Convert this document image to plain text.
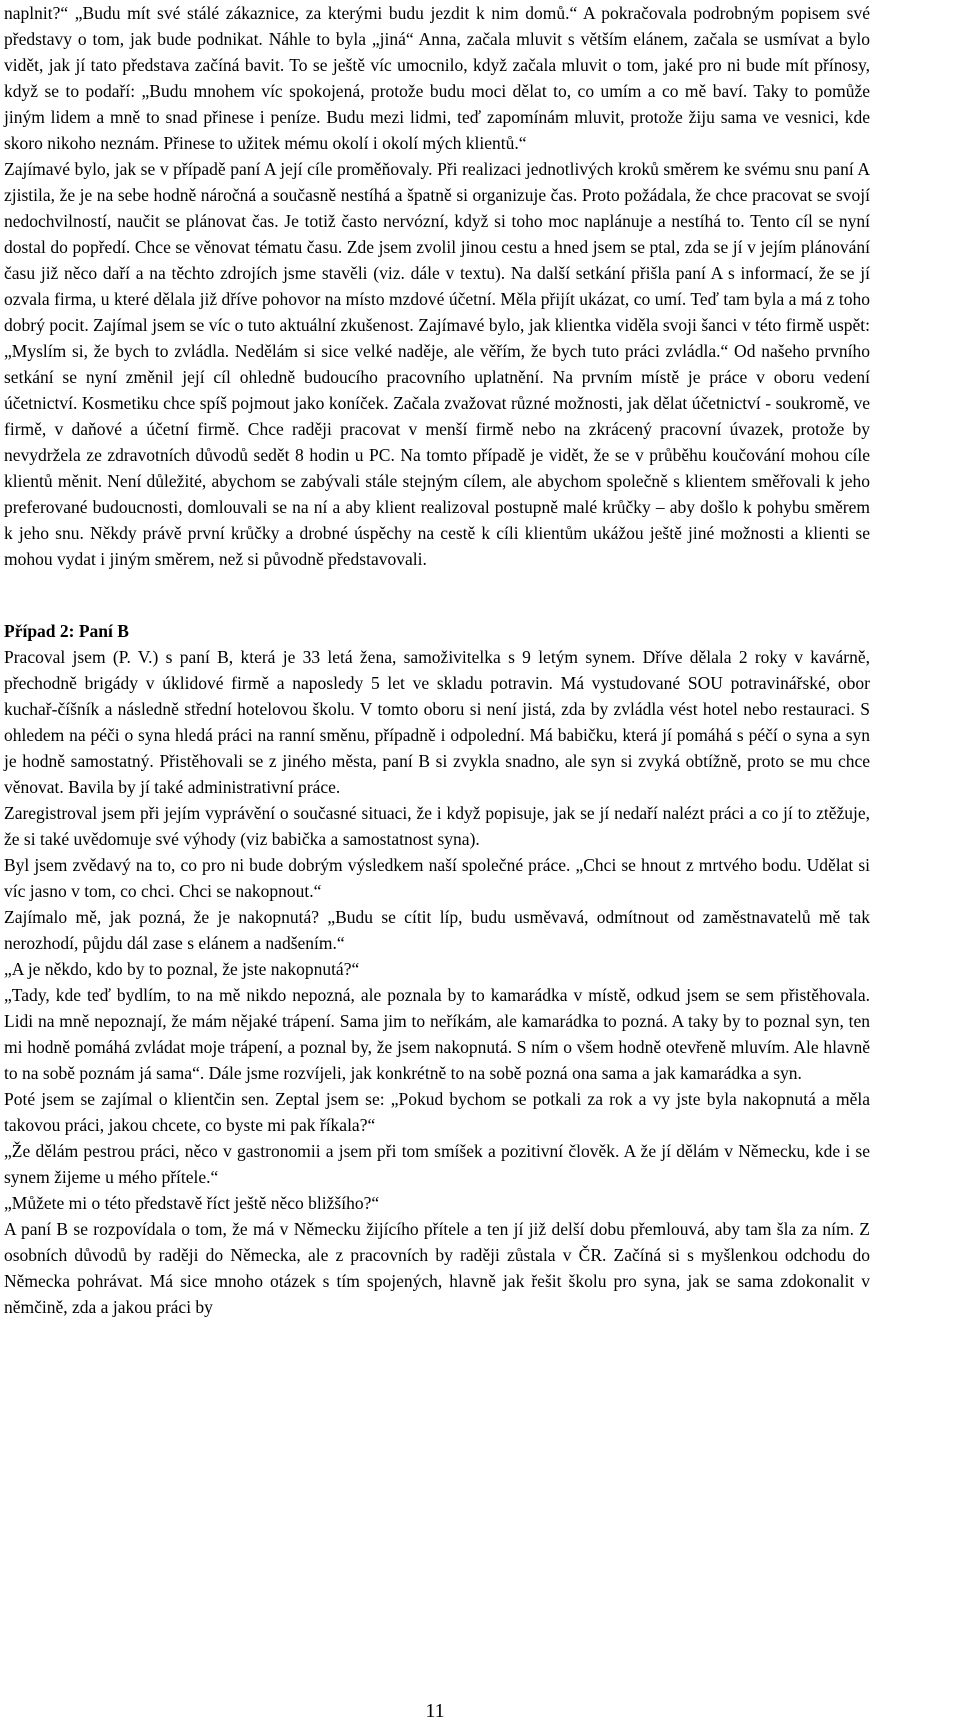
naplnit?“ „Budu mít své stálé zákaznice, za kterými budu jezdit k nim domů.“ A pokračovala podrobným popisem své představy o tom, jak bude podnikat. Náhle to byla „jiná“ Anna, začala mluvit s větším elánem, začala se usmívat a bylo vidět, jak jí tato představa začíná bavit. To se ještě víc umocnilo, když začala mluvit o tom, jaké pro ni bude mít přínosy, když se to podaří: „Budu mnohem víc spokojená, protože budu moci dělat to, co umím a co mě baví. Taky to pomůže jiným lidem a mně to snad přinese i peníze. Budu mezi lidmi, teď zapomínám mluvit, protože žiju sama ve vesnici, kde skoro nikoho neznám. Přinese to užitek mému okolí i okolí mých klientů.“

Zajímavé bylo, jak se v případě paní A její cíle proměňovaly. Při realizaci jednotlivých kroků směrem ke svému snu paní A zjistila, že je na sebe hodně náročná a současně nestíhá a špatně si organizuje čas. Proto požádala, že chce pracovat se svojí nedochvilností, naučit se plánovat čas. Je totiž často nervózní, když si toho moc naplánuje a nestíhá to. Tento cíl se nyní dostal do popředí. Chce se věnovat tématu času. Zde jsem zvolil jinou cestu a hned jsem se ptal, zda se jí v jejím plánování času již něco daří a na těchto zdrojích jsme stavěli (viz. dále v textu). Na další setkání přišla paní A s informací, že se jí ozvala firma, u které dělala již dříve pohovor na místo mzdové účetní. Měla přijít ukázat, co umí. Teď tam byla a má z toho dobrý pocit. Zajímal jsem se víc o tuto aktuální zkušenost. Zajímavé bylo, jak klientka viděla svoji šanci v této firmě uspět: „Myslím si, že bych to zvládla. Nedělám si sice velké naděje, ale věřím, že bych tuto práci zvládla.“ Od našeho prvního setkání se nyní změnil její cíl ohledně budoucího pracovního uplatnění. Na prvním místě je práce v oboru vedení účetnictví. Kosmetiku chce spíš pojmout jako koníček. Začala zvažovat různé možnosti, jak dělat účetnictví - soukromě, ve firmě, v daňové a účetní firmě. Chce raději pracovat v menší firmě nebo na zkrácený pracovní úvazek, protože by nevydržela ze zdravotních důvodů sedět 8 hodin u PC. Na tomto případě je vidět, že se v průběhu koučování mohou cíle klientů měnit. Není důležité, abychom se zabývali stále stejným cílem, ale abychom společně s klientem směřovali k jeho preferované budoucnosti, domlouvali se na ní a aby klient realizoval postupně malé krůčky – aby došlo k pohybu směrem k jeho snu. Někdy právě první krůčky a drobné úspěchy na cestě k cíli klientům ukážou ještě jiné možnosti a klienti se mohou vydat i jiným směrem, než si původně představovali.

Případ 2: Paní B

Pracoval jsem (P. V.) s paní B, která je 33 letá žena, samoživitelka s 9 letým synem. Dříve dělala 2 roky v kavárně, přechodně brigády v úklidové firmě a naposledy 5 let ve skladu potravin. Má vystudované SOU potravinářské, obor kuchař-číšník a následně střední hotelovou školu. V tomto oboru si není jistá, zda by zvládla vést hotel nebo restauraci. S ohledem na péči o syna hledá práci na ranní směnu, případně i odpolední. Má babičku, která jí pomáhá s péčí o syna a syn je hodně samostatný. Přistěhovali se z jiného města, paní B si zvykla snadno, ale syn si zvyká obtížně, proto se mu chce věnovat. Bavila by jí také administrativní práce.

Zaregistroval jsem při jejím vyprávění o současné situaci, že i když popisuje, jak se jí nedaří nalézt práci a co jí to ztěžuje, že si také uvědomuje své výhody (viz babička a samostatnost syna).

Byl jsem zvědavý na to, co pro ni bude dobrým výsledkem naší společné práce. „Chci se hnout z mrtvého bodu. Udělat si víc jasno v tom, co chci. Chci se nakopnout.“

Zajímalo mě, jak pozná, že je nakopnutá? „Budu se cítit líp, budu usměvavá, odmítnout od zaměstnavatelů mě tak nerozhodí, půjdu dál zase s elánem a nadšením.“

„A je někdo, kdo by to poznal, že jste nakopnutá?“

„Tady, kde teď bydlím, to na mě nikdo nepozná, ale poznala by to kamarádka v místě, odkud jsem se sem přistěhovala. Lidi na mně nepoznají, že mám nějaké trápení. Sama jim to neříkám, ale kamarádka to pozná. A taky by to poznal syn, ten mi hodně pomáhá zvládat moje trápení, a poznal by, že jsem nakopnutá. S ním o všem hodně otevřeně mluvím. Ale hlavně to na sobě poznám já sama“. Dále jsme rozvíjeli, jak konkrétně to na sobě pozná ona sama a jak kamarádka a syn.

Poté jsem se zajímal o klientčin sen. Zeptal jsem se: „Pokud bychom se potkali za rok a vy jste byla nakopnutá a měla takovou práci, jakou chcete, co byste mi pak říkala?“

„Že dělám pestrou práci, něco v gastronomii a jsem při tom smíšek a pozitivní člověk. A že jí dělám v Německu, kde i se synem žijeme u mého přítele.“

„Můžete mi o této představě říct ještě něco bližšího?“

A paní B se rozpovídala o tom, že má v Německu žijícího přítele a ten jí již delší dobu přemlouvá, aby tam šla za ním. Z osobních důvodů by raději do Německa, ale z pracovních by raději zůstala v ČR. Začíná si s myšlenkou odchodu do Německa pohrávat. Má sice mnoho otázek s tím spojených, hlavně jak řešit školu pro syna, jak se sama zdokonalit v němčině, zda a jakou práci by

11
